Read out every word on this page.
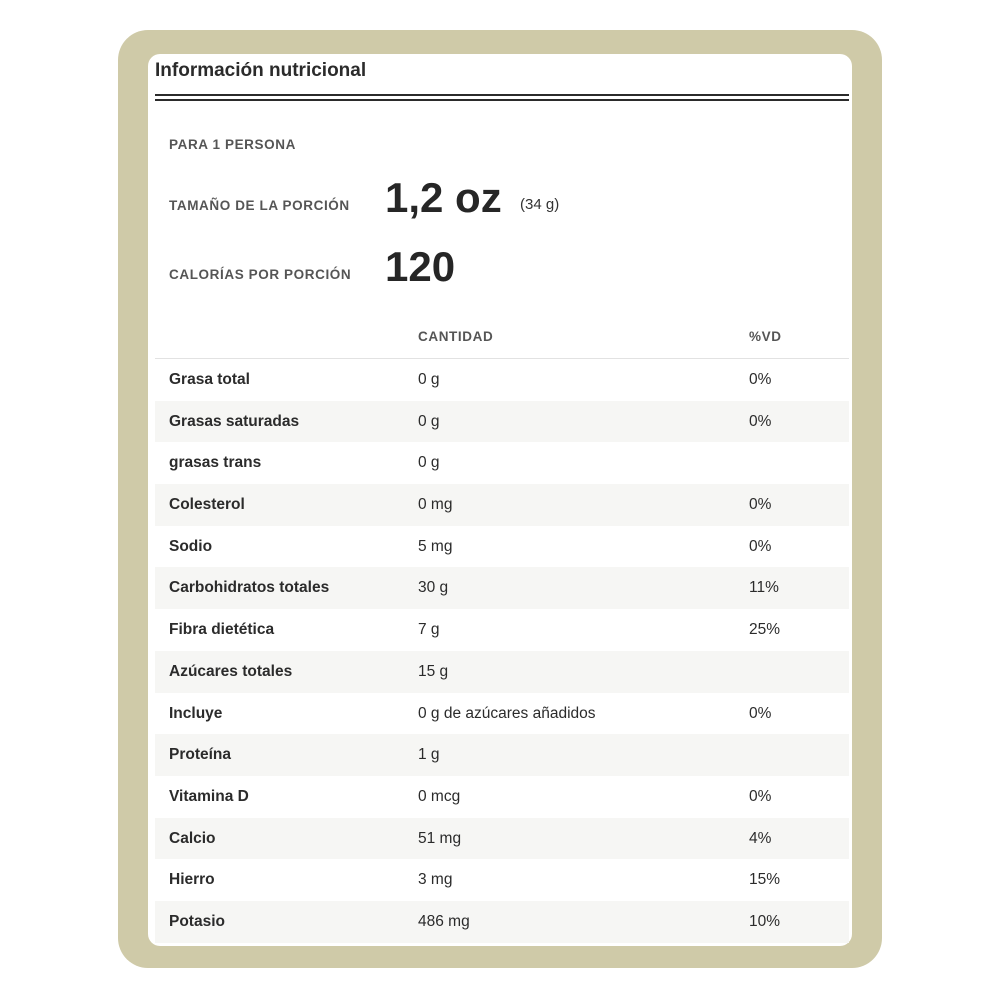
Información nutricional
PARA 1 PERSONA
TAMAÑO DE LA PORCIÓN 1,2 oz (34 g)
CALORÍAS POR PORCIÓN 120
CANTIDAD	%VD
Grasa total	0 g	0%
Grasas saturadas	0 g	0%
grasas trans	0 g
Colesterol	0 mg	0%
Sodio	5 mg	0%
Carbohidratos totales	30 g	11%
Fibra dietética	7 g	25%
Azúcares totales	15 g
Incluye	0 g de azúcares añadidos	0%
Proteína	1 g
Vitamina D	0 mcg	0%
Calcio	51 mg	4%
Hierro	3 mg	15%
Potasio	486 mg	10%
